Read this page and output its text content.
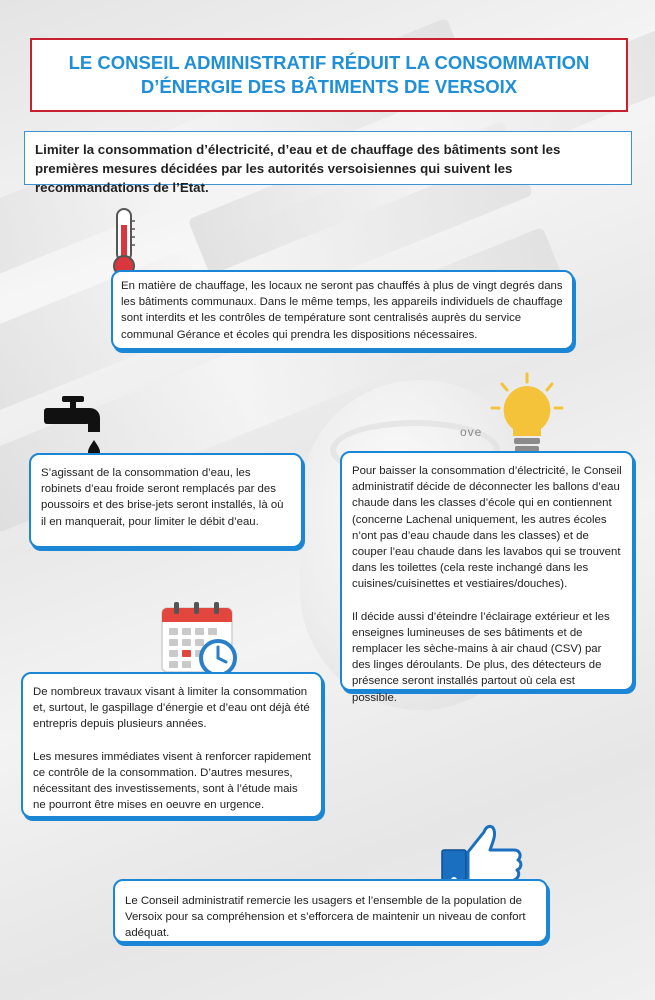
ove
LE CONSEIL ADMINISTRATIF RÉDUIT LA CONSOMMATION
D’ÉNERGIE DES BÂTIMENTS DE VERSOIX

Limiter la consommation d’électricité, d’eau et de chauffage des bâtiments sont les premières mesures décidées par les autorités versoisiennes qui suivent les recommandations de l’Etat.

En matière de chauffage, les locaux ne seront pas chauffés à plus de vingt degrés dans les bâtiments communaux. Dans le même temps, les appareils individuels de chauffage sont interdits et les contrôles de température sont centralisés auprès du service communal Gérance et écoles qui prendra les dispositions nécessaires.

S’agissant de la consommation d’eau, les robinets d’eau froide seront remplacés par des poussoirs et des brise-jets seront installés, là où il en manquerait, pour limiter le débit d’eau.

Pour baisser la consommation d’électricité, le Conseil administratif décide de déconnecter les ballons d’eau chaude dans les classes d’école qui en contiennent (concerne Lachenal uniquement, les autres écoles n’ont pas d’eau chaude dans les classes) et de couper l’eau chaude dans les lavabos qui se trouvent dans les toilettes (cela reste inchangé dans les cuisines/cuisinettes et vestiaires/douches).

Il décide aussi d’éteindre l’éclairage extérieur et les enseignes lumineuses de ses bâtiments et de remplacer les sèche-mains à air chaud (CSV) par des linges déroulants. De plus, des détecteurs de présence seront installés partout où cela est possible.

De nombreux travaux visant à limiter la consommation et, surtout, le gaspillage d’énergie et d’eau ont déjà été entrepris depuis plusieurs années.

Les mesures immédiates visent à renforcer rapidement ce contrôle de la consommation. D’autres mesures, nécessitant des investissements, sont à l’étude mais ne pourront être mises en oeuvre en urgence.

Le Conseil administratif remercie les usagers et l’ensemble de la population de Versoix pour sa compréhension et s’efforcera de maintenir un niveau de confort adéquat.
